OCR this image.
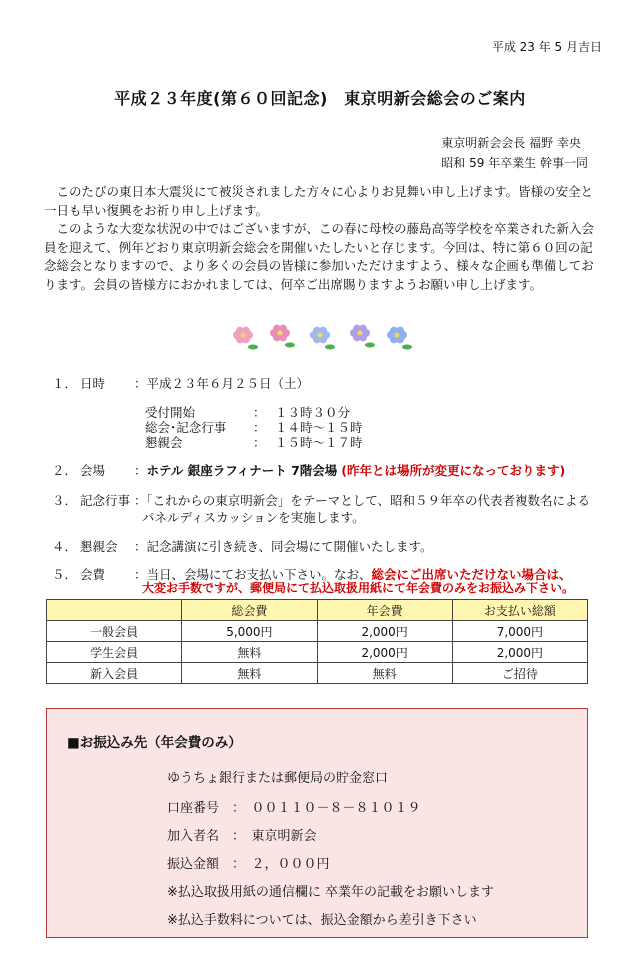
平成 23 年 5 月吉日
平成２３年度(第６０回記念)　東京明新会総会のご案内
東京明新会会長 福野 幸央
昭和 59 年卒業生 幹事一同

このたびの東日本大震災にて被災されました方々に心よりお見舞い申し上げます。皆様の安全と一日も早い復興をお祈り申し上げます。

このような大変な状況の中ではございますが、この春に母校の藤島高等学校を卒業された新入会員を迎えて、例年どおり東京明新会総会を開催いたしたいと存じます。今回は、特に第６０回の記念総会となりますので、より多くの会員の皆様に参加いただけますよう、様々な企画も準備しております。会員の皆様方におかれましては、何卒ご出席賜りますようお願い申し上げます。

１． 日時 ：平成２３年６月２５日（土）
受付開始	： １３時３０分
総会･記念行事 ： １４時～１５時
懇親会	： １５時～１７時
２． 会場 ：ホテル 銀座ラフィナート 7階会場 (昨年とは場所が変更になっております)
３． 記念行事 ：「これからの東京明新会」をテーマとして、昭和５９年卒の代表者複数名による
パネルディスカッションを実施します。
４． 懇親会 ：記念講演に引き続き、同会場にて開催いたします。
５． 会費 ：当日、会場にてお支払い下さい。なお、総会にご出席いただけない場合は、
大変お手数ですが、郵便局にて払込取扱用紙にて年会費のみをお振込み下さい。
	総会費	年会費	お支払い総額
一般会員	5,000円	2,000円	7,000円
学生会員	無料	2,000円	2,000円
新入会員	無料	無料	ご招待
■お振込み先（年会費のみ）
ゆうちょ銀行または郵便局の貯金窓口
口座番号　：　００１１０－８－８１０１９
加入者名　：　東京明新会
振込金額　：　２，０００円
※払込取扱用紙の通信欄に 卒業年の記載をお願いします
※払込手数料については、振込金額から差引き下さい
